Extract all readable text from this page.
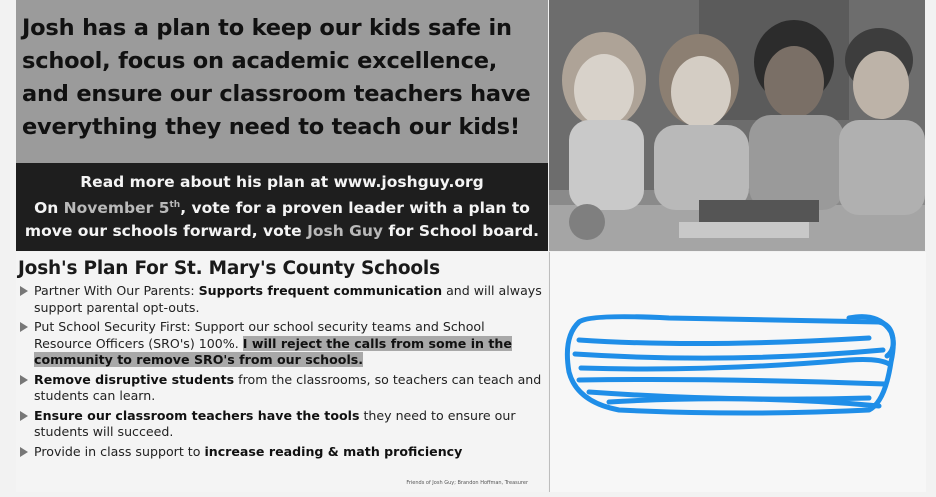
Josh has a plan to keep our kids safe in school, focus on academic excellence, and ensure our classroom teachers have everything they need to teach our kids!

Read more about his plan at www.joshguy.org
On November 5th, vote for a proven leader with a plan to
move our schools forward, vote Josh Guy for School board.
Josh's Plan For St. Mary's County Schools
Partner With Our Parents: Supports frequent communication and will always support parental opt-outs.
Put School Security First: Support our school security teams and School Resource Officers (SRO's) 100%. I will reject the calls from some in the community to remove SRO's from our schools.
Remove disruptive students from the classrooms, so teachers can teach and students can learn.
Ensure our classroom teachers have the tools they need to ensure our students will succeed.
Provide in class support to increase reading & math proficiency
Friends of Josh Guy; Brandon Hoffman, Treasurer
